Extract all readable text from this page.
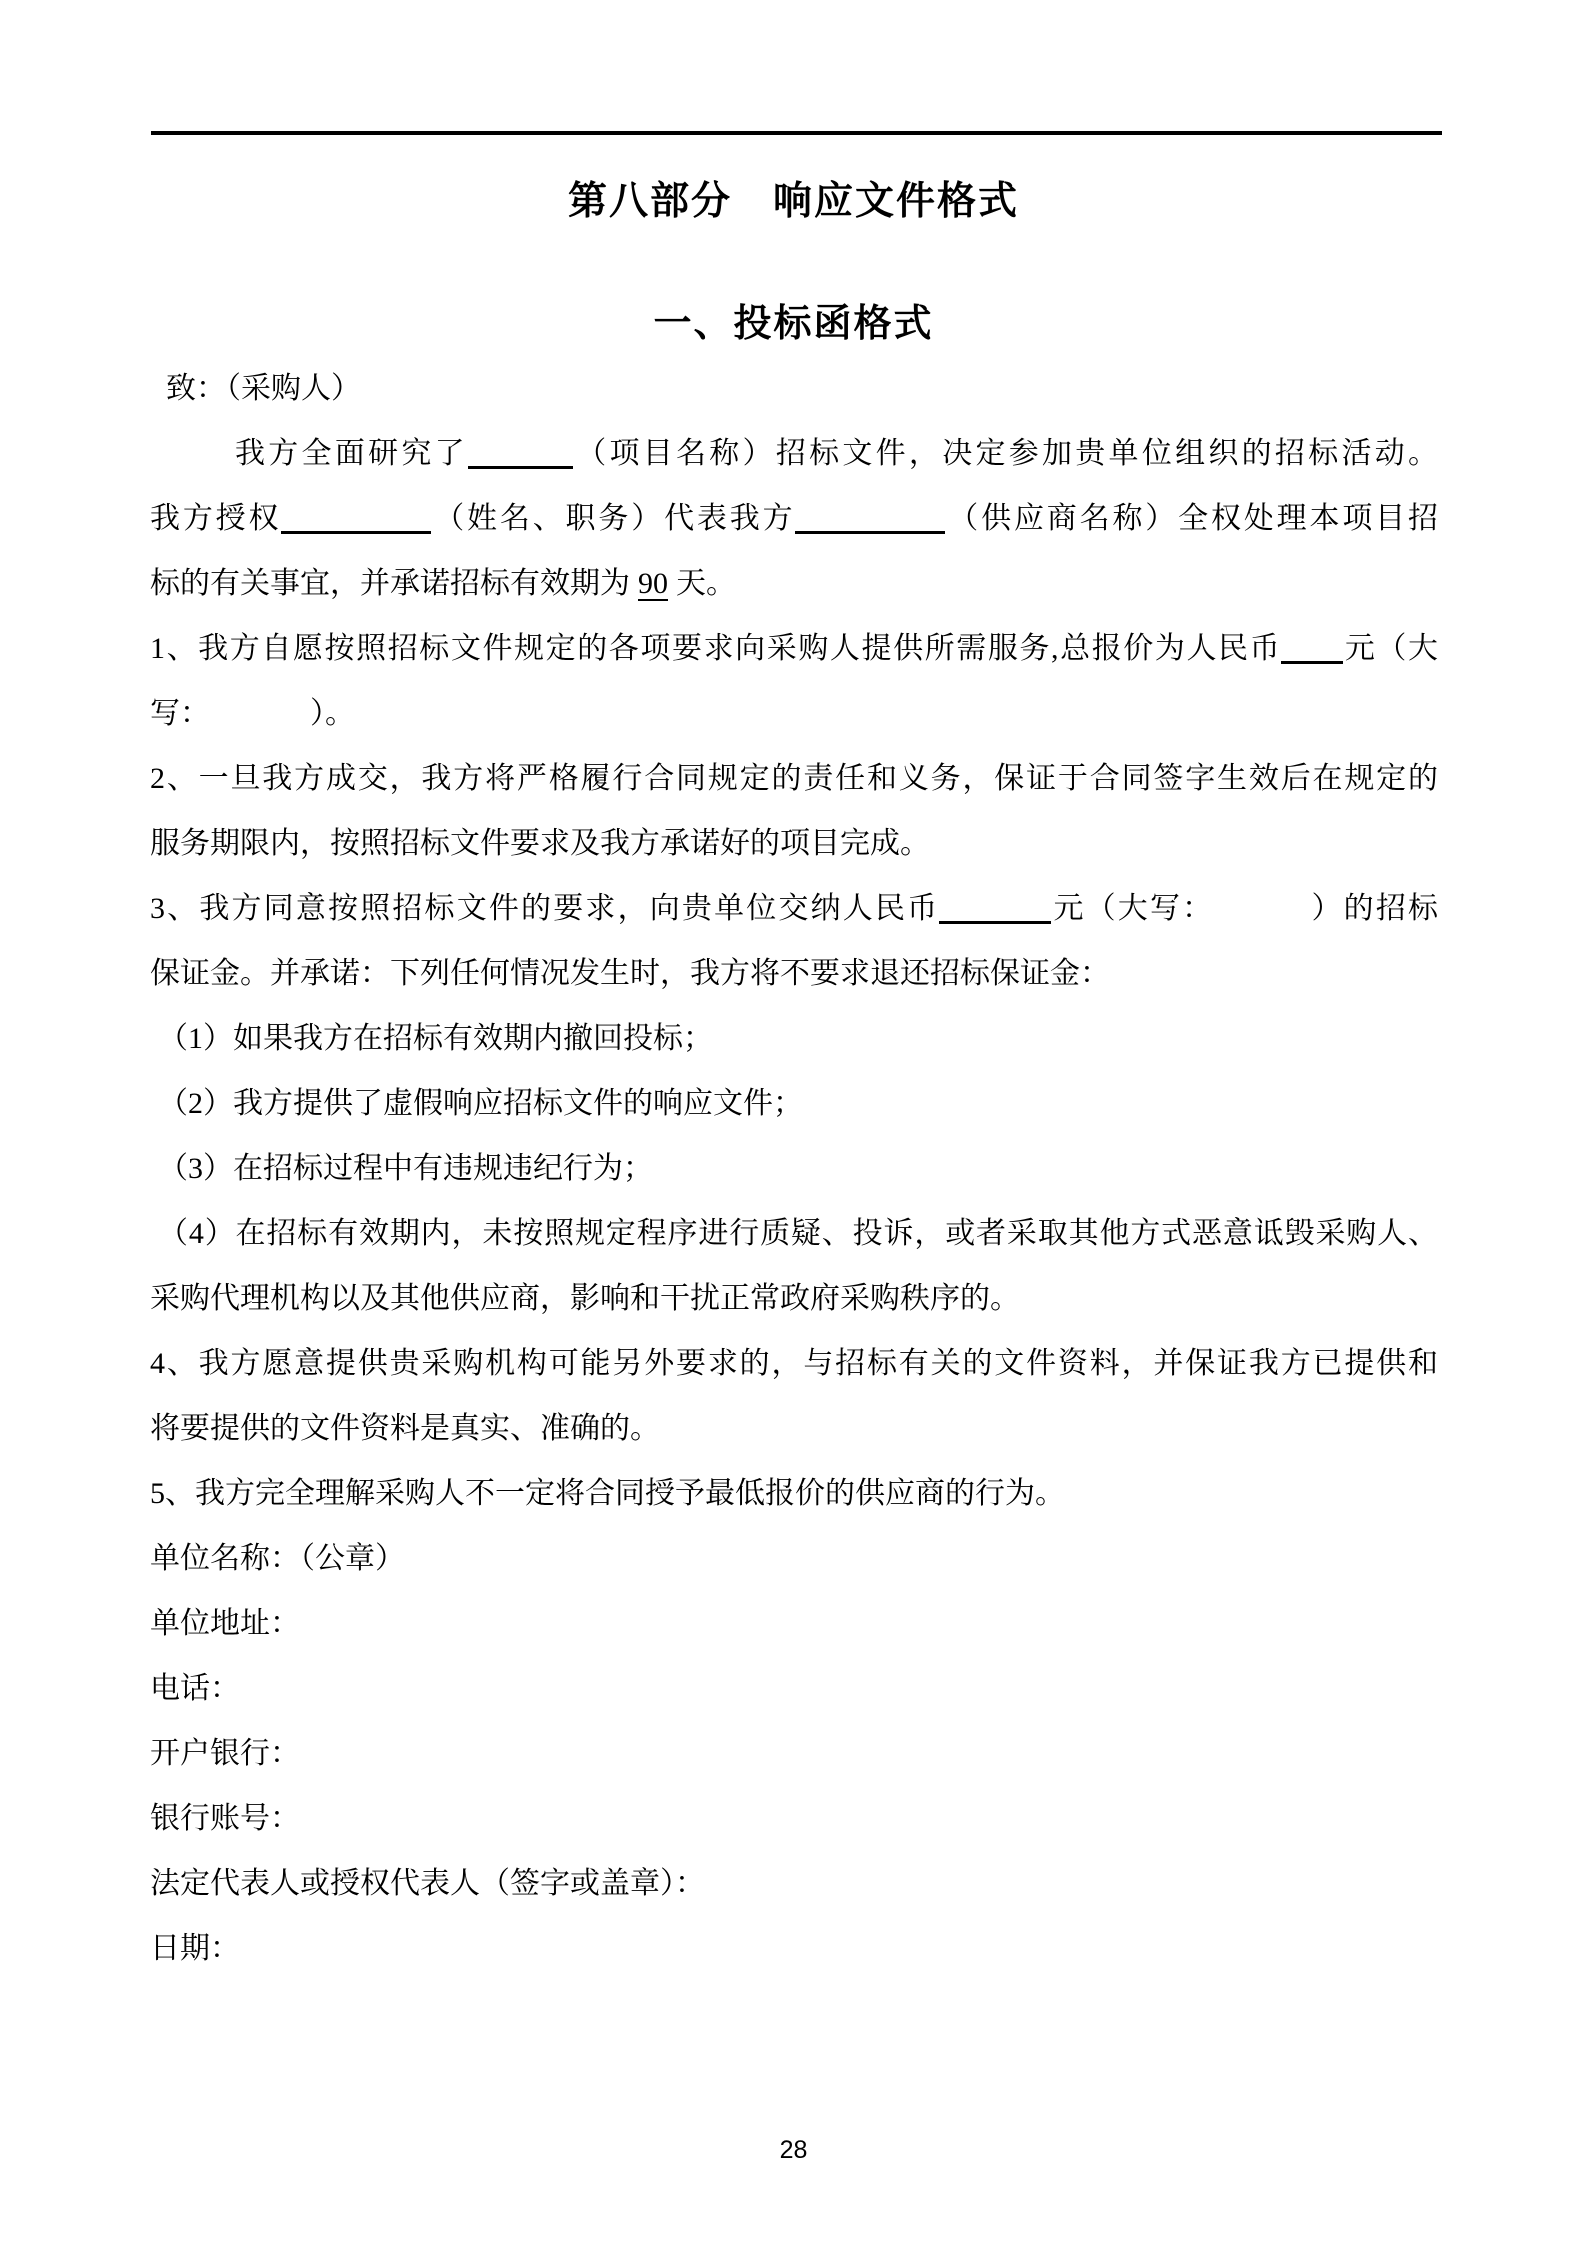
第八部分　响应文件格式
一、投标函格式
致：（采购人）
我方全面研究了	（项目名称）招标文件，决定参加贵单位组织的招标活动。
我方授权	（姓名、职务）代表我方	（供应商名称）全权处理本项目招
标的有关事宜，并承诺招标有效期为 90 天。
1、我方自愿按照招标文件规定的各项要求向采购人提供所需服务,总报价为人民币 元（大
写：	）。
2、一旦我方成交，我方将严格履行合同规定的责任和义务，保证于合同签字生效后在规定的
服务期限内，按照招标文件要求及我方承诺好的项目完成。
3、我方同意按照招标文件的要求，向贵单位交纳人民币	元（大写：	）的招标
保证金。并承诺：下列任何情况发生时，我方将不要求退还招标保证金：
（1）如果我方在招标有效期内撤回投标；
（2）我方提供了虚假响应招标文件的响应文件；
（3）在招标过程中有违规违纪行为；
（4）在招标有效期内，未按照规定程序进行质疑、投诉，或者采取其他方式恶意诋毁采购人、
采购代理机构以及其他供应商，影响和干扰正常政府采购秩序的。
4、我方愿意提供贵采购机构可能另外要求的，与招标有关的文件资料，并保证我方已提供和
将要提供的文件资料是真实、准确的。
5、我方完全理解采购人不一定将合同授予最低报价的供应商的行为。
单位名称：（公章）
单位地址：
电话：
开户银行：
银行账号：
法定代表人或授权代表人（签字或盖章）：
日期：
28
